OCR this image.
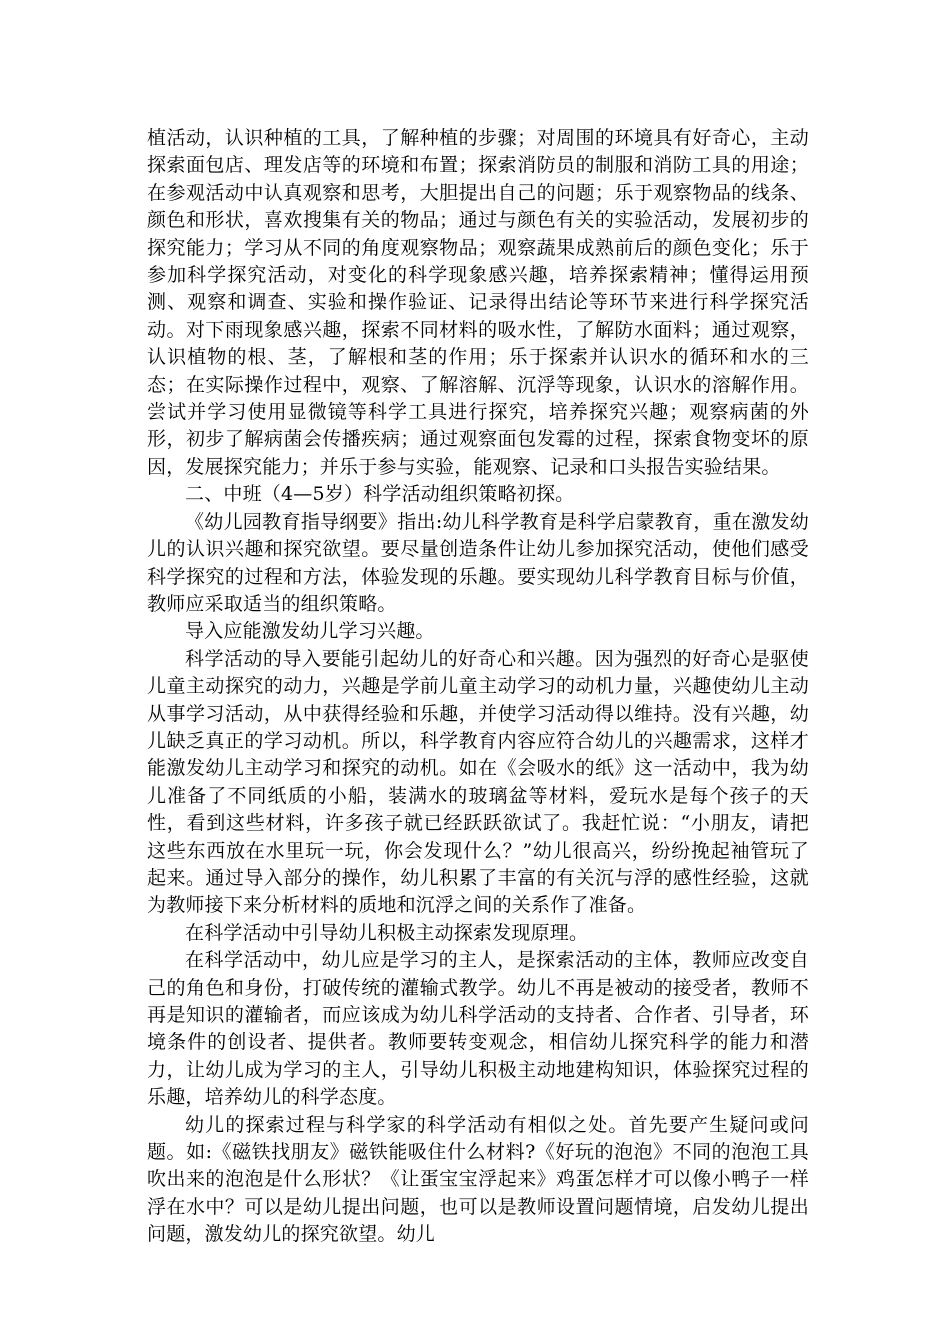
植活动，认识种植的工具，了解种植的步骤；对周围的环境具有好奇心，主动探索面包店、理发店等的环境和布置；探索消防员的制服和消防工具的用途；在参观活动中认真观察和思考，大胆提出自己的问题；乐于观察物品的线条、颜色和形状，喜欢搜集有关的物品；通过与颜色有关的实验活动，发展初步的探究能力；学习从不同的角度观察物品；观察蔬果成熟前后的颜色变化；乐于参加科学探究活动，对变化的科学现象感兴趣，培养探索精神；懂得运用预测、观察和调查、实验和操作验证、记录得出结论等环节来进行科学探究活动。对下雨现象感兴趣，探索不同材料的吸水性，了解防水面料；通过观察，认识植物的根、茎，了解根和茎的作用；乐于探索并认识水的循环和水的三态；在实际操作过程中，观察、了解溶解、沉浮等现象，认识水的溶解作用。尝试并学习使用显微镜等科学工具进行探究，培养探究兴趣；观察病菌的外形，初步了解病菌会传播疾病；通过观察面包发霉的过程，探索食物变坏的原因，发展探究能力；并乐于参与实验，能观察、记录和口头报告实验结果。

二、中班（4—5岁）科学活动组织策略初探。

《幼儿园教育指导纲要》指出:幼儿科学教育是科学启蒙教育，重在激发幼儿的认识兴趣和探究欲望。要尽量创造条件让幼儿参加探究活动，使他们感受科学探究的过程和方法，体验发现的乐趣。要实现幼儿科学教育目标与价值，教师应采取适当的组织策略。

导入应能激发幼儿学习兴趣。

科学活动的导入要能引起幼儿的好奇心和兴趣。因为强烈的好奇心是驱使儿童主动探究的动力，兴趣是学前儿童主动学习的动机力量，兴趣使幼儿主动从事学习活动，从中获得经验和乐趣，并使学习活动得以维持。没有兴趣，幼儿缺乏真正的学习动机。所以，科学教育内容应符合幼儿的兴趣需求，这样才能激发幼儿主动学习和探究的动机。如在《会吸水的纸》这一活动中，我为幼儿准备了不同纸质的小船，装满水的玻璃盆等材料，爱玩水是每个孩子的天性，看到这些材料，许多孩子就已经跃跃欲试了。我赶忙说：“小朋友，请把这些东西放在水里玩一玩，你会发现什么？”幼儿很高兴，纷纷挽起袖管玩了起来。通过导入部分的操作，幼儿积累了丰富的有关沉与浮的感性经验，这就为教师接下来分析材料的质地和沉浮之间的关系作了准备。

在科学活动中引导幼儿积极主动探索发现原理。

在科学活动中，幼儿应是学习的主人，是探索活动的主体，教师应改变自己的角色和身份，打破传统的灌输式教学。幼儿不再是被动的接受者，教师不再是知识的灌输者，而应该成为幼儿科学活动的支持者、合作者、引导者，环境条件的创设者、提供者。教师要转变观念，相信幼儿探究科学的能力和潜力，让幼儿成为学习的主人，引导幼儿积极主动地建构知识，体验探究过程的乐趣，培养幼儿的科学态度。

幼儿的探索过程与科学家的科学活动有相似之处。首先要产生疑问或问题。如:《磁铁找朋友》磁铁能吸住什么材料?《好玩的泡泡》不同的泡泡工具吹出来的泡泡是什么形状？《让蛋宝宝浮起来》鸡蛋怎样才可以像小鸭子一样浮在水中？可以是幼儿提出问题，也可以是教师设置问题情境，启发幼儿提出问题，激发幼儿的探究欲望。幼儿
